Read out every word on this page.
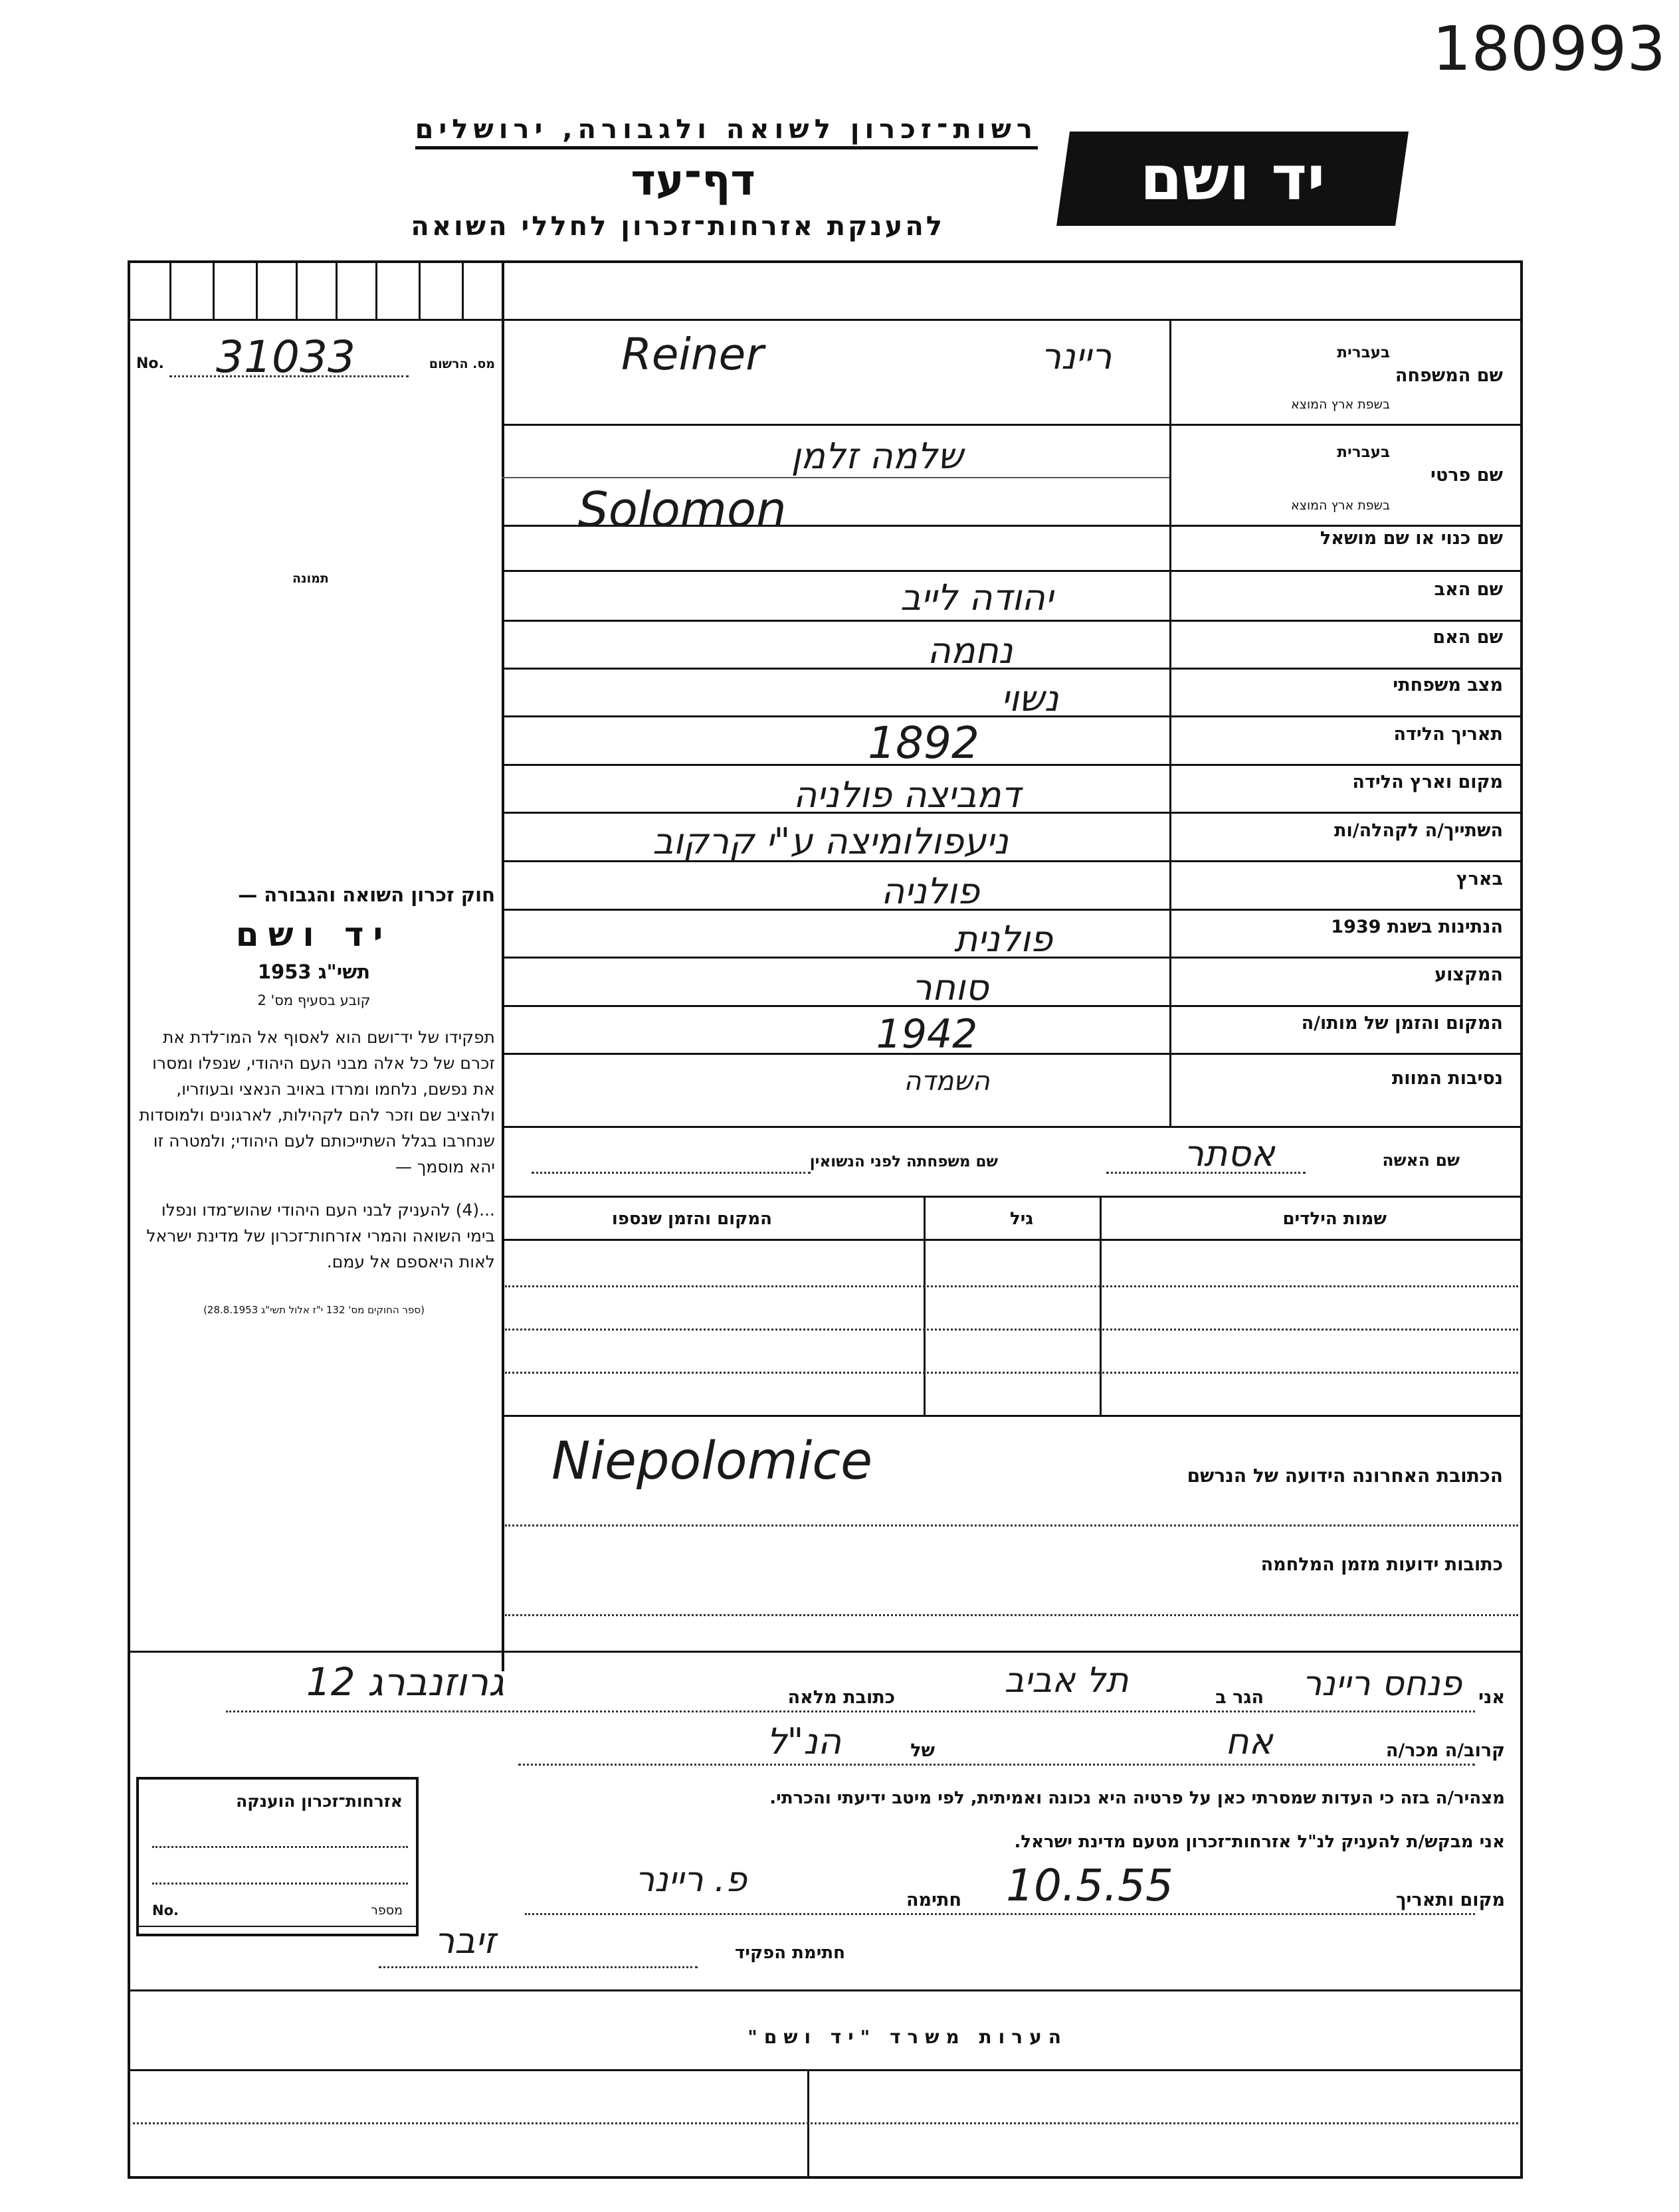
180993
רשות־זכרון לשואה ולגבורה, ירושלים
דף־עד
להענקת אזרחות־זכרון לחללי השואה
יד ושם
No. 31033	מס. הרשום
תמונה
שם המשפחה
בעברית
בשפת ארץ המוצא
ריינר
Reiner
שם פרטי
בעברית
בשפת ארץ המוצא
שלמה זלמן
Solomon
שם כנוי או שם מושאל
שם האב
יהודה לייב
שם האם
נחמה
מצב משפחתי
נשוי
תאריך הלידה
1892
מקום וארץ הלידה
דמביצה פולניה
השתייך/ה לקהלה/ות
ניעפולומיצה ע"י קרקוב
בארץ
פולניה
הנתינות בשנת 1939
פולנית
המקצוע
סוחר
המקום והזמן של מותו/ה
1942
נסיבות המוות
השמדה
שם האשה
אסתר
שם משפחתה לפני הנשואין
שמות הילדים
גיל
המקום והזמן שנספו
חוק זכרון השואה והגבורה —
יד ושם
תשי"ג 1953
קובע בסעיף מס' 2
תפקידו של יד־ושם הוא לאסוף אל המו־לדת את זכרם של כל אלה מבני העם היהודי, שנפלו ומסרו את נפשם, נלחמו ומרדו באויב הנאצי ובעוזריו, ולהציב שם וזכר להם לקהילות, לארגונים ולמוסדות שנחרבו בגלל השתייכותם לעם היהודי; ולמטרה זו יהא מוסמך —
...(4) להעניק לבני העם היהודי שהוש־מדו ונפלו בימי השואה והמרי אזרחות־זכרון של מדינת ישראל לאות היאספם אל עמם.
(ספר החוקים מס' 132 י"ז אלול תשי"ג 28.8.1953)
הכתובת האחרונה הידועה של הנרשם
Niepolomice
כתובות ידועות מזמן המלחמה
אני
פנחס ריינר
הגר ב
תל אביב
כתובת מלאה
גרוזנברג 12
קרוב/ה מכר/ה
אח
של
הנ"ל
מצהיר/ה בזה כי העדות שמסרתי כאן על פרטיה היא נכונה ואמיתית, לפי מיטב ידיעתי והכרתי.
אני מבקש/ת להעניק לנ"ל אזרחות־זכרון מטעם מדינת ישראל.
מקום ותאריך
10.5.55
חתימה
פ. ריינר
חתימת הפקיד
זיבר
אזרחות־זכרון הוענקה
No.	מספר
הערות משרד "יד ושם"
